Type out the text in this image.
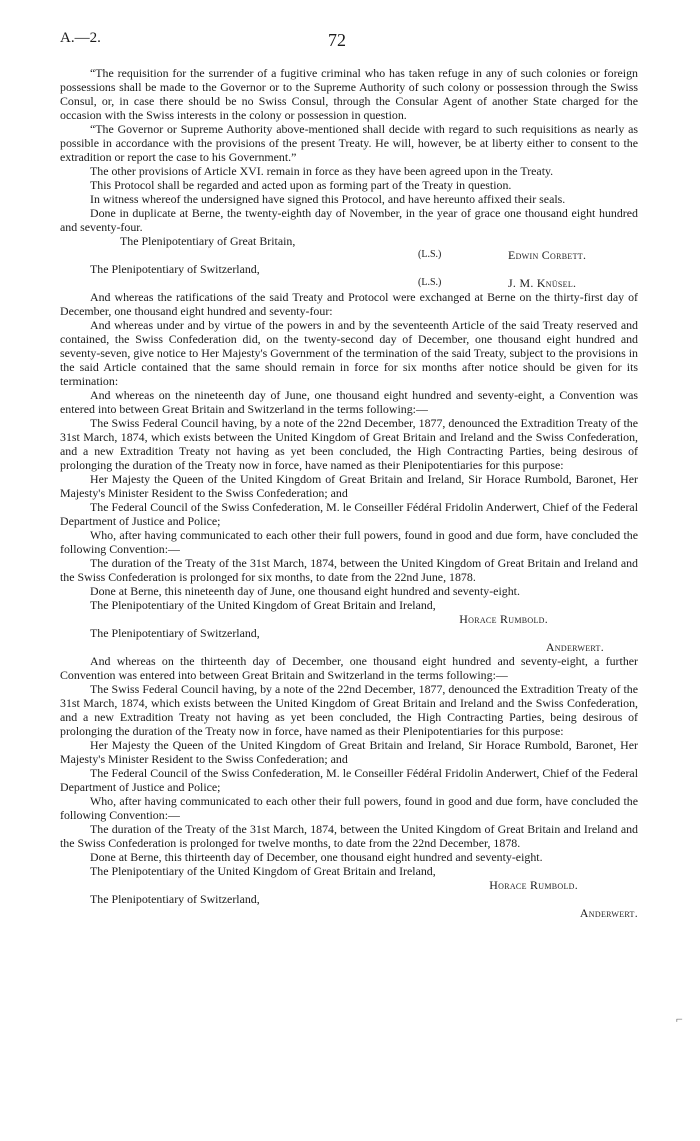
A.—2.	72

“The requisition for the surrender of a fugitive criminal who has taken refuge in any of such colonies or foreign possessions shall be made to the Governor or to the Supreme Authority of such colony or possession through the Swiss Consul, or, in case there should be no Swiss Consul, through the Consular Agent of another State charged for the occasion with the Swiss interests in the colony or possession in question.

“The Governor or Supreme Authority above-mentioned shall decide with regard to such requisitions as nearly as possible in accordance with the provisions of the present Treaty. He will, however, be at liberty either to consent to the extradition or report the case to his Government.”

The other provisions of Article XVI. remain in force as they have been agreed upon in the Treaty.

This Protocol shall be regarded and acted upon as forming part of the Treaty in question.

In witness whereof the undersigned have signed this Protocol, and have hereunto affixed their seals.

Done in duplicate at Berne, the twenty-eighth day of November, in the year of grace one thousand eight hundred and seventy-four.

The Plenipotentiary of Great Britain,
(L.S.)	Edwin Corbett.
The Plenipotentiary of Switzerland,
(L.S.)	J. M. Knüsel.

And whereas the ratifications of the said Treaty and Protocol were exchanged at Berne on the thirty-first day of December, one thousand eight hundred and seventy-four:

And whereas under and by virtue of the powers in and by the seventeenth Article of the said Treaty reserved and contained, the Swiss Confederation did, on the twenty-second day of December, one thousand eight hundred and seventy-seven, give notice to Her Majesty's Government of the termination of the said Treaty, subject to the provisions in the said Article contained that the same should remain in force for six months after notice should be given for its termination:

And whereas on the nineteenth day of June, one thousand eight hundred and seventy-eight, a Convention was entered into between Great Britain and Switzerland in the terms following:—

The Swiss Federal Council having, by a note of the 22nd December, 1877, denounced the Extradition Treaty of the 31st March, 1874, which exists between the United Kingdom of Great Britain and Ireland and the Swiss Confederation, and a new Extradition Treaty not having as yet been concluded, the High Contracting Parties, being desirous of prolonging the duration of the Treaty now in force, have named as their Plenipotentiaries for this purpose:

Her Majesty the Queen of the United Kingdom of Great Britain and Ireland, Sir Horace Rumbold, Baronet, Her Majesty's Minister Resident to the Swiss Confederation; and

The Federal Council of the Swiss Confederation, M. le Conseiller Fédéral Fridolin Anderwert, Chief of the Federal Department of Justice and Police;

Who, after having communicated to each other their full powers, found in good and due form, have concluded the following Convention:—

The duration of the Treaty of the 31st March, 1874, between the United Kingdom of Great Britain and Ireland and the Swiss Confederation is prolonged for six months, to date from the 22nd June, 1878.

Done at Berne, this nineteenth day of June, one thousand eight hundred and seventy-eight.

The Plenipotentiary of the United Kingdom of Great Britain and Ireland,

Horace Rumbold.

The Plenipotentiary of Switzerland,

Anderwert.

And whereas on the thirteenth day of December, one thousand eight hundred and seventy-eight, a further Convention was entered into between Great Britain and Switzerland in the terms following:—

The Swiss Federal Council having, by a note of the 22nd December, 1877, denounced the Extradition Treaty of the 31st March, 1874, which exists between the United Kingdom of Great Britain and Ireland and the Swiss Confederation, and a new Extradition Treaty not having as yet been concluded, the High Contracting Parties, being desirous of prolonging the duration of the Treaty now in force, have named as their Plenipotentiaries for this purpose:

Her Majesty the Queen of the United Kingdom of Great Britain and Ireland, Sir Horace Rumbold, Baronet, Her Majesty's Minister Resident to the Swiss Confederation; and

The Federal Council of the Swiss Confederation, M. le Conseiller Fédéral Fridolin Anderwert, Chief of the Federal Department of Justice and Police;

Who, after having communicated to each other their full powers, found in good and due form, have concluded the following Convention:—

The duration of the Treaty of the 31st March, 1874, between the United Kingdom of Great Britain and Ireland and the Swiss Confederation is prolonged for twelve months, to date from the 22nd December, 1878.

Done at Berne, this thirteenth day of December, one thousand eight hundred and seventy-eight.

The Plenipotentiary of the United Kingdom of Great Britain and Ireland,

Horace Rumbold.

The Plenipotentiary of Switzerland,

Anderwert.
⌐
